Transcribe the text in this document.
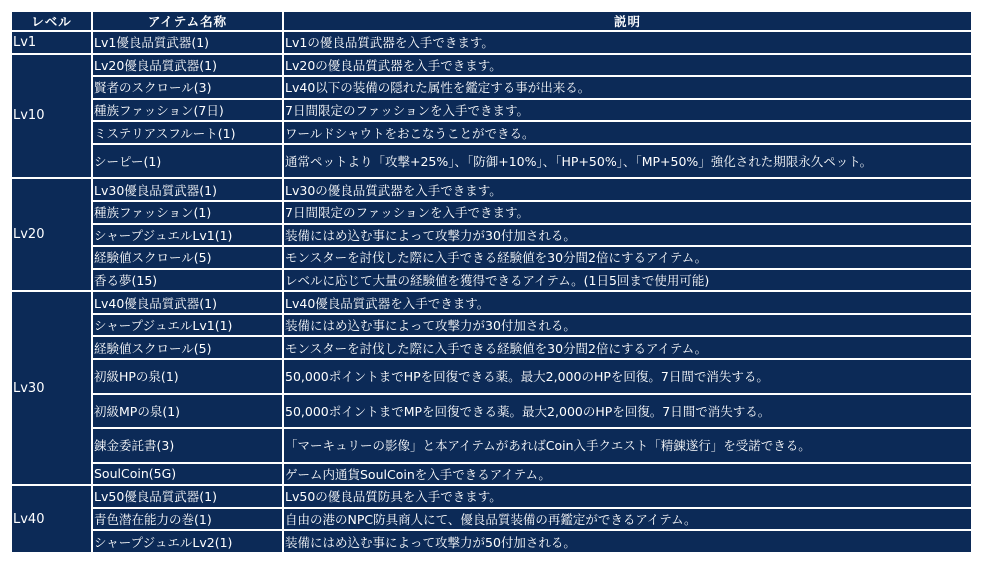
レベル	アイテム名称	説明
Lv1	Lv1優良品質武器(1)	Lv1の優良品質武器を入手できます。
Lv10	Lv20優良品質武器(1)	Lv20の優良品質武器を入手できます。
	賢者のスクロール(3)	Lv40以下の装備の隠れた属性を鑑定する事が出来る。
	種族ファッション(7日)	7日間限定のファッションを入手できます。
	ミステリアスフルート(1)	ワールドシャウトをおこなうことができる。
	シーピー(1)	通常ペットより「攻撃+25%」、「防御+10%」、「HP+50%」、「MP+50%」強化された期限永久ペット。
Lv20	Lv30優良品質武器(1)	Lv30の優良品質武器を入手できます。
	種族ファッション(1)	7日間限定のファッションを入手できます。
	シャープジュエルLv1(1)	装備にはめ込む事によって攻撃力が30付加される。
	経験値スクロール(5)	モンスターを討伐した際に入手できる経験値を30分間2倍にするアイテム。
	香る夢(15)	レベルに応じて大量の経験値を獲得できるアイテム。(1日5回まで使用可能)
Lv30	Lv40優良品質武器(1)	Lv40優良品質武器を入手できます。
	シャープジュエルLv1(1)	装備にはめ込む事によって攻撃力が30付加される。
	経験値スクロール(5)	モンスターを討伐した際に入手できる経験値を30分間2倍にするアイテム。
	初級HPの泉(1)	50,000ポイントまでHPを回復できる薬。最大2,000のHPを回復。7日間で消失する。
	初級MPの泉(1)	50,000ポイントまでMPを回復できる薬。最大2,000のHPを回復。7日間で消失する。
	錬金委託書(3)	「マーキュリーの影像」と本アイテムがあればCoin入手クエスト「精錬遂行」を受諾できる。
	SoulCoin(5G)	ゲーム内通貨SoulCoinを入手できるアイテム。
Lv40	Lv50優良品質武器(1)	Lv50の優良品質防具を入手できます。
	青色潜在能力の巻(1)	自由の港のNPC防具商人にて、優良品質装備の再鑑定ができるアイテム。
	シャープジュエルLv2(1)	装備にはめ込む事によって攻撃力が50付加される。
